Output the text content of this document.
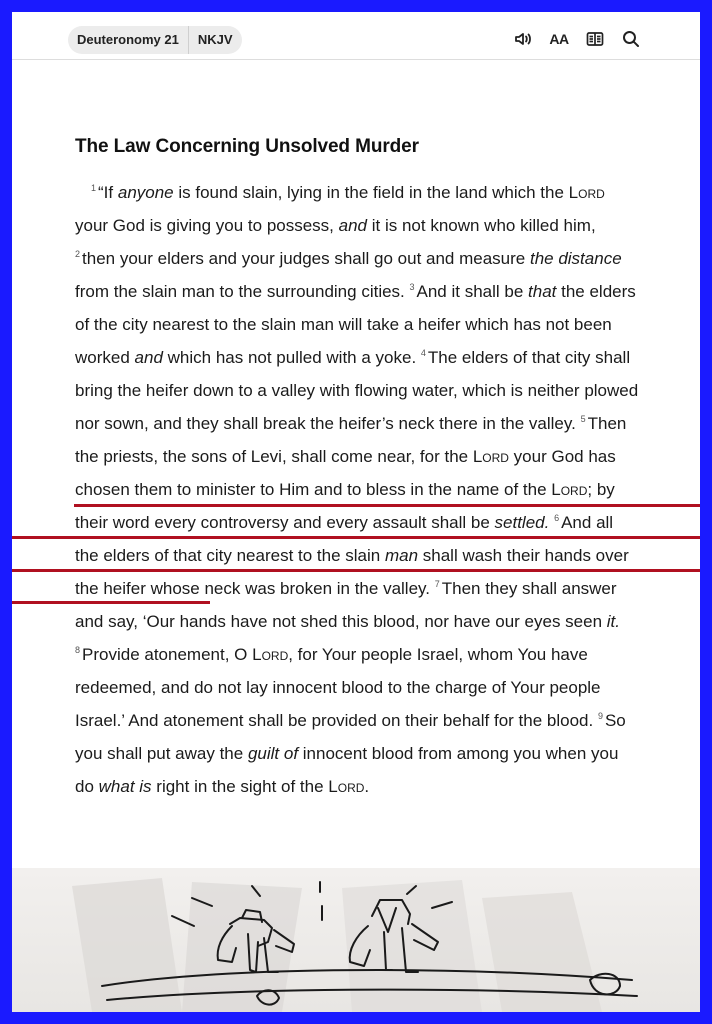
Deuteronomy 21	NKJV	AA
The Law Concerning Unsolved Murder

$^1$ “If anyone is found slain, lying in the field in the land which the Lord your God is giving you to possess, and it is not known who killed him, $^2$ then your elders and your judges shall go out and measure the distance from the slain man to the surrounding cities. $^3$ And it shall be that the elders of the city nearest to the slain man will take a heifer which has not been worked and which has not pulled with a yoke. $^4$ The elders of that city shall bring the heifer down to a valley with flowing water, which is neither plowed nor sown, and they shall break the heifer’s neck there in the valley. $^5$ Then the priests, the sons of Levi, shall come near, for the Lord your God has chosen them to minister to Him and to bless in the name of the Lord; by their word every controversy and every assault shall be settled. $^6$ And all the elders of that city nearest to the slain man shall wash their hands over the heifer whose neck was broken in the valley. $^7$ Then they shall answer and say, ‘Our hands have not shed this blood, nor have our eyes seen it. $^8$ Provide atonement, O Lord, for Your people Israel, whom You have redeemed, and do not lay innocent blood to the charge of Your people Israel.’ And atonement shall be provided on their behalf for the blood. $^9$ So you shall put away the guilt of innocent blood from among you when you do what is right in the sight of the Lord.
